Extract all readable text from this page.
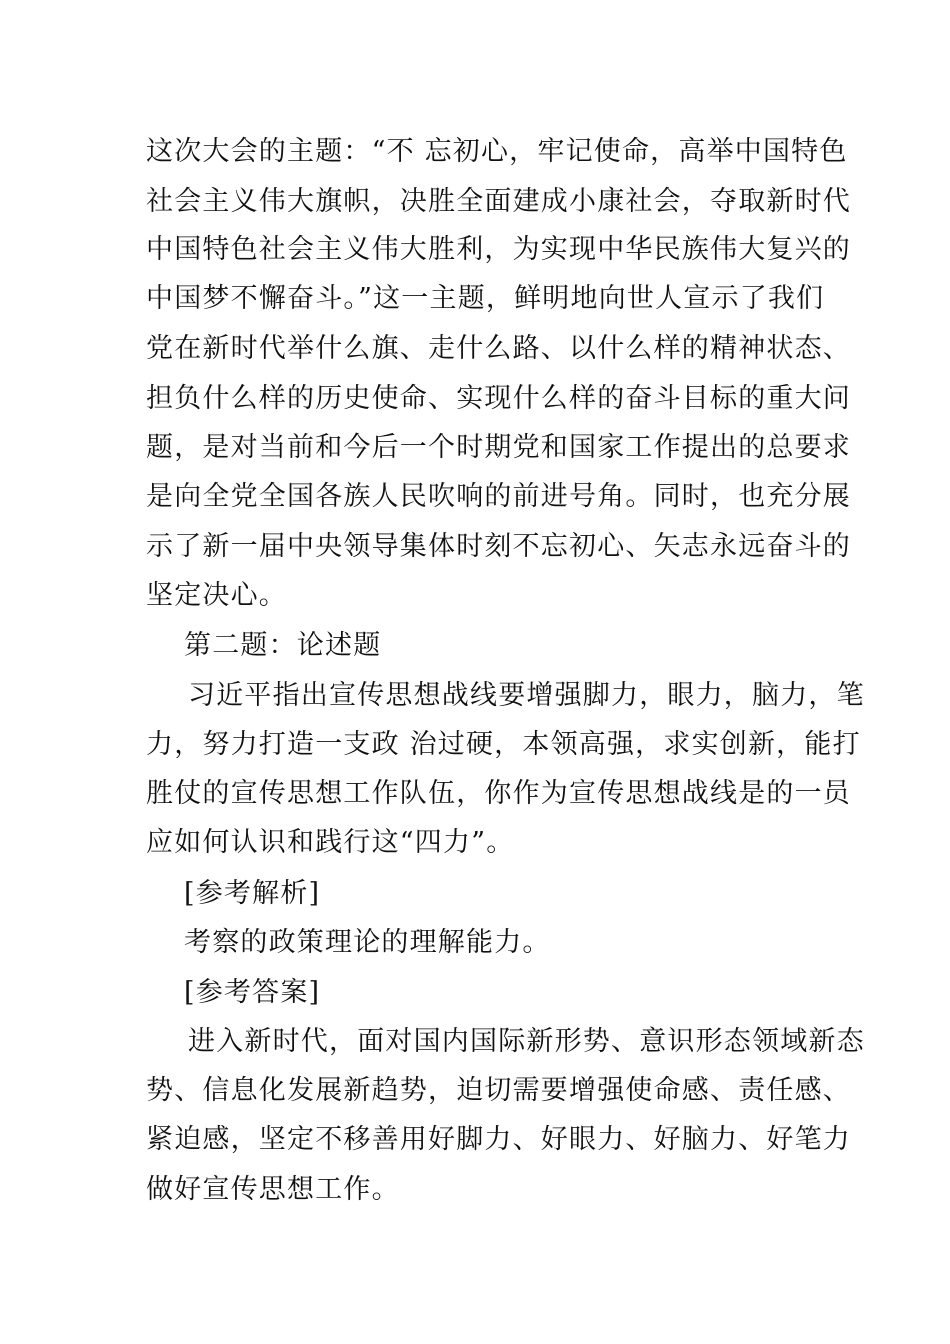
这次大会的主题：“不 忘初心，牢记使命，高举中国特色
社会主义伟大旗帜，决胜全面建成小康社会，夺取新时代
中国特色社会主义伟大胜利，为实现中华民族伟大复兴的
中国梦不懈奋斗。”这一主题，鲜明地向世人宣示了我们
党在新时代举什么旗、走什么路、以什么样的精神状态、
担负什么样的历史使命、实现什么样的奋斗目标的重大问
题，是对当前和今后一个时期党和国家工作提出的总要求
是向全党全国各族人民吹响的前进号角。同时，也充分展
示了新一届中央领导集体时刻不忘初心、矢志永远奋斗的
坚定决心。
第二题：论述题
习近平指出宣传思想战线要增强脚力，眼力，脑力，笔
力，努力打造一支政 治过硬，本领高强，求实创新，能打
胜仗的宣传思想工作队伍，你作为宣传思想战线是的一员
应如何认识和践行这“四力”。
[参考解析]
考察的政策理论的理解能力。
[参考答案]
进入新时代，面对国内国际新形势、意识形态领域新态
势、信息化发展新趋势，迫切需要增强使命感、责任感、
紧迫感，坚定不移善用好脚力、好眼力、好脑力、好笔力
做好宣传思想工作。
